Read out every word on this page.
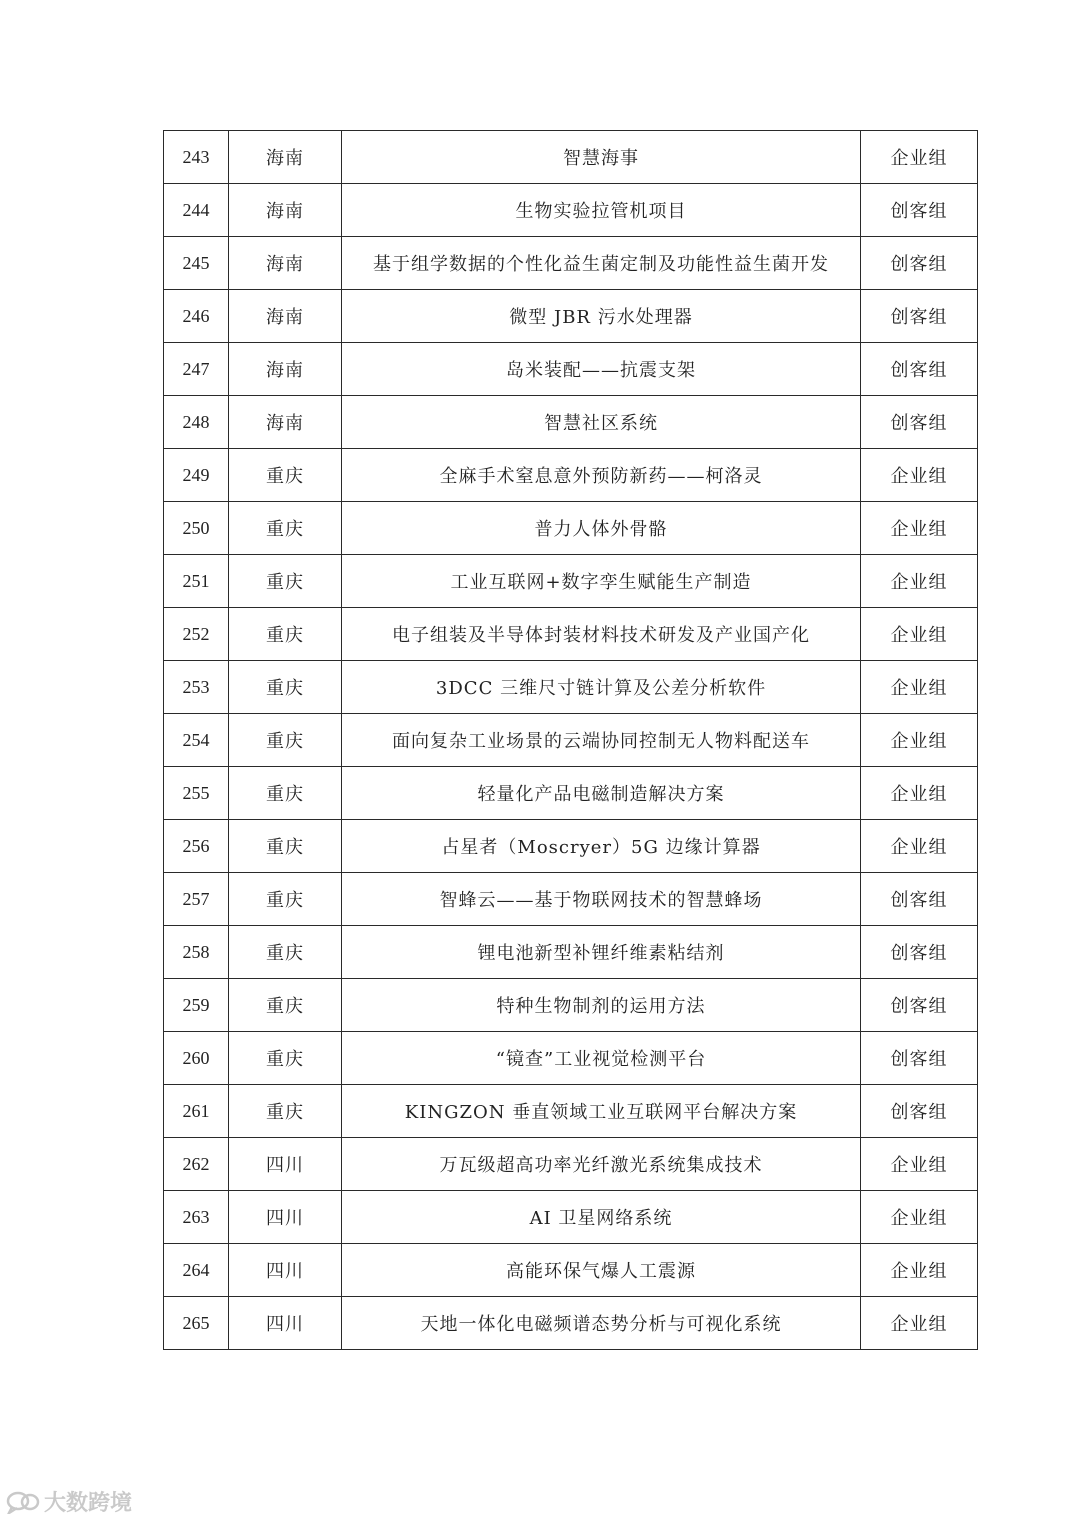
243	海南	智慧海事	企业组
244	海南	生物实验拉管机项目	创客组
245	海南	基于组学数据的个性化益生菌定制及功能性益生菌开发	创客组
246	海南	微型 JBR 污水处理器	创客组
247	海南	岛米装配——抗震支架	创客组
248	海南	智慧社区系统	创客组
249	重庆	全麻手术窒息意外预防新药——柯洛灵	企业组
250	重庆	普力人体外骨骼	企业组
251	重庆	工业互联网+数字孪生赋能生产制造	企业组
252	重庆	电子组装及半导体封装材料技术研发及产业国产化	企业组
253	重庆	3DCC 三维尺寸链计算及公差分析软件	企业组
254	重庆	面向复杂工业场景的云端协同控制无人物料配送车	企业组
255	重庆	轻量化产品电磁制造解决方案	企业组
256	重庆	占星者（Moscryer）5G 边缘计算器	企业组
257	重庆	智蜂云——基于物联网技术的智慧蜂场	创客组
258	重庆	锂电池新型补锂纤维素粘结剂	创客组
259	重庆	特种生物制剂的运用方法	创客组
260	重庆	“镜查”工业视觉检测平台	创客组
261	重庆	KINGZON 垂直领域工业互联网平台解决方案	创客组
262	四川	万瓦级超高功率光纤激光系统集成技术	企业组
263	四川	AI 卫星网络系统	企业组
264	四川	高能环保气爆人工震源	企业组
265	四川	天地一体化电磁频谱态势分析与可视化系统	企业组
大数跨境
